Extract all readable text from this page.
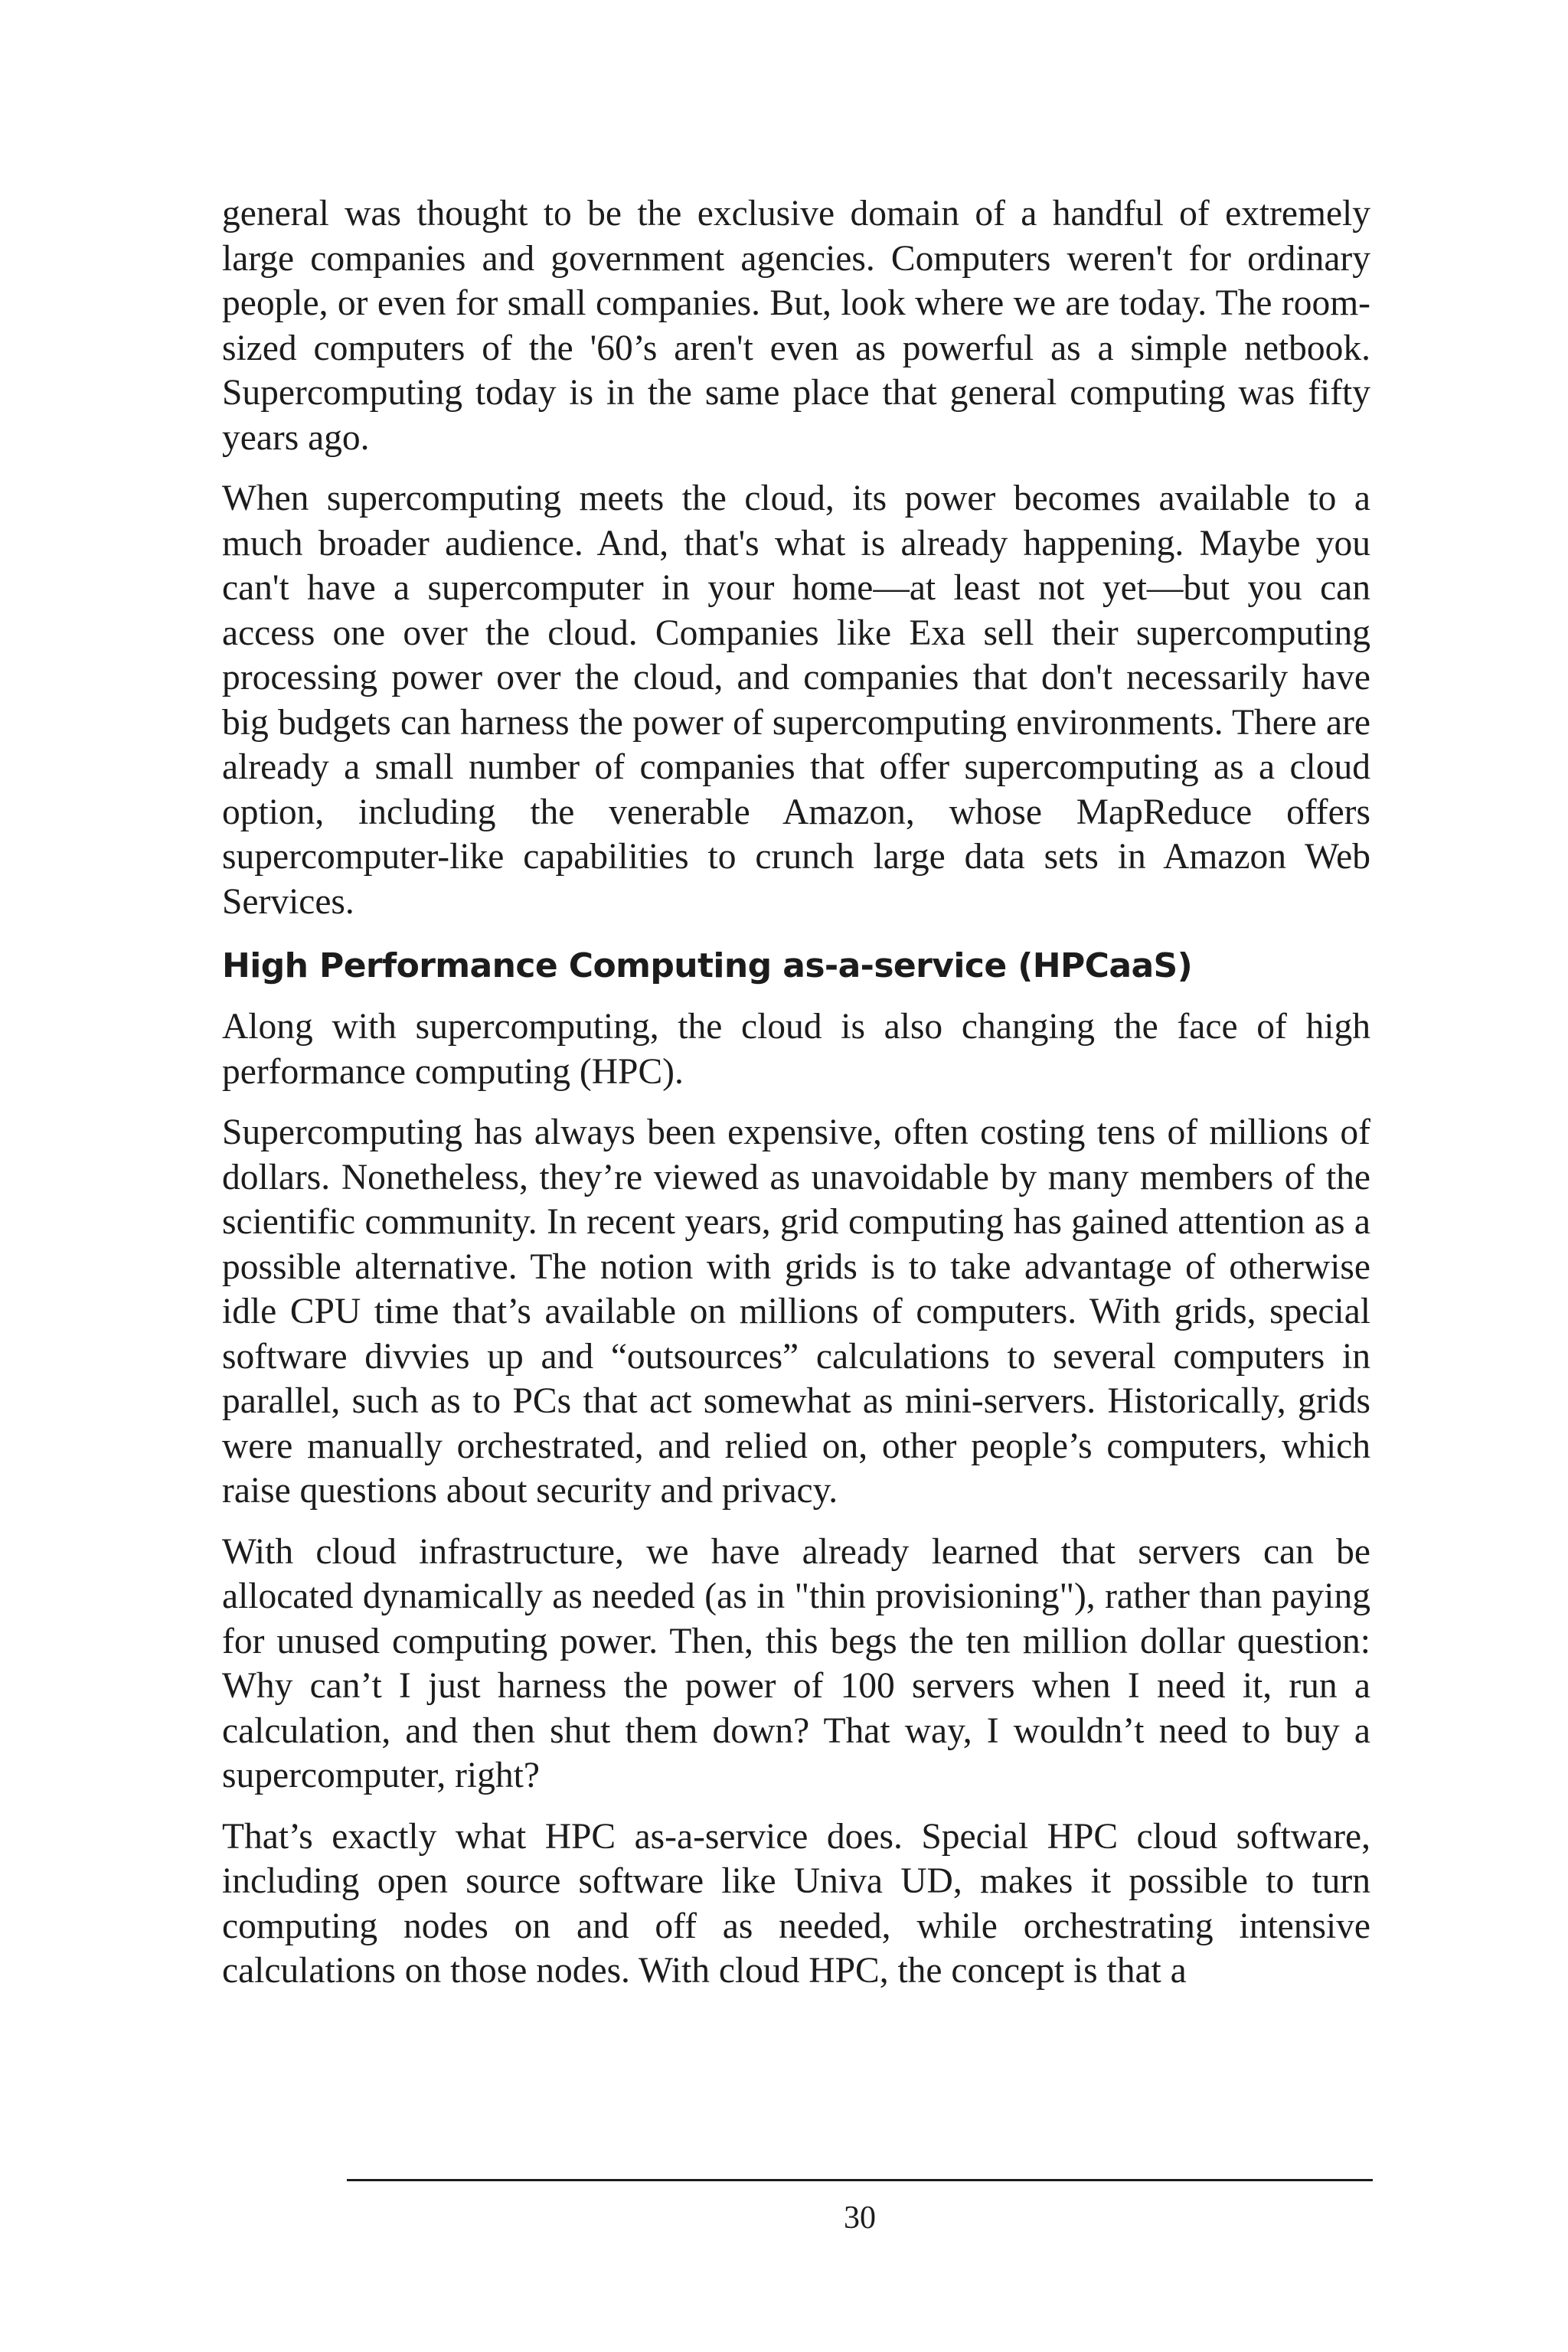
general was thought to be the exclusive domain of a handful of extremely large companies and government agencies. Computers weren't for ordinary people, or even for small companies. But, look where we are today. The room-sized computers of the '60’s aren't even as powerful as a simple netbook. Supercomputing today is in the same place that general computing was fifty years ago.

When supercomputing meets the cloud, its power becomes available to a much broader audience. And, that's what is already happening. Maybe you can't have a supercomputer in your home—at least not yet—but you can access one over the cloud. Companies like Exa sell their supercomputing processing power over the cloud, and companies that don't necessarily have big budgets can harness the power of supercomputing environments. There are already a small number of companies that offer supercomputing as a cloud option, including the venerable Amazon, whose MapReduce offers supercomputer-like capabilities to crunch large data sets in Amazon Web Services.

High Performance Computing as-a-service (HPCaaS)

Along with supercomputing, the cloud is also changing the face of high performance computing (HPC).

Supercomputing has always been expensive, often costing tens of millions of dollars. Nonetheless, they’re viewed as unavoidable by many members of the scientific community. In recent years, grid computing has gained attention as a possible alternative. The notion with grids is to take advantage of otherwise idle CPU time that’s available on millions of computers. With grids, special software divvies up and “outsources” calculations to several computers in parallel, such as to PCs that act somewhat as mini-servers. Historically, grids were manually orchestrated, and relied on, other people’s computers, which raise questions about security and privacy.

With cloud infrastructure, we have already learned that servers can be allocated dynamically as needed (as in "thin provisioning"), rather than paying for unused computing power. Then, this begs the ten million dollar question: Why can’t I just harness the power of 100 servers when I need it, run a calculation, and then shut them down? That way, I wouldn’t need to buy a supercomputer, right?

That’s exactly what HPC as-a-service does. Special HPC cloud software, including open source software like Univa UD, makes it possible to turn computing nodes on and off as needed, while orchestrating intensive calculations on those nodes. With cloud HPC, the concept is that a

30
